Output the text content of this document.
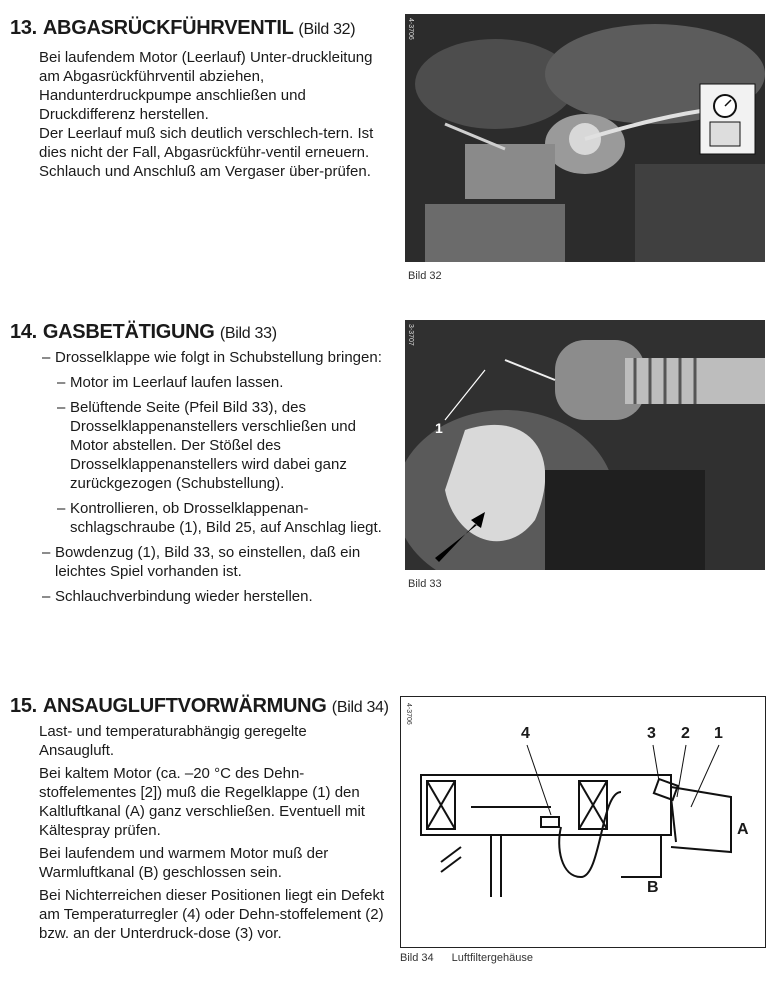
13. ABGASRÜCKFÜHRVENTIL (Bild 32)

Bei laufendem Motor (Leerlauf) Unter-druckleitung am Abgasrückführventil abziehen, Handunterdruckpumpe anschließen und Druckdifferenz herstellen.

Der Leerlauf muß sich deutlich verschlech-tern. Ist dies nicht der Fall, Abgasrückführ-ventil erneuern.

Schlauch und Anschluß am Vergaser über-prüfen.

14. GASBETÄTIGUNG (Bild 33)
– Drosselklappe wie folgt in Schubstellung bringen:
– Motor im Leerlauf laufen lassen.
– Belüftende Seite (Pfeil Bild 33), des Drosselklappenanstellers verschließen und Motor abstellen. Der Stößel des Drosselklappenanstellers wird dabei ganz zurückgezogen (Schubstellung).
– Kontrollieren, ob Drosselklappenan-schlagschraube (1), Bild 25, auf Anschlag liegt.
– Bowdenzug (1), Bild 33, so einstellen, daß ein leichtes Spiel vorhanden ist.
– Schlauchverbindung wieder herstellen.
15. ANSAUGLUFTVORWÄRMUNG (Bild 34)

Last- und temperaturabhängig geregelte Ansaugluft.

Bei kaltem Motor (ca. –20 °C des Dehn-stoffelementes [2]) muß die Regelklappe (1) den Kaltluftkanal (A) ganz verschließen. Eventuell mit Kältespray prüfen.

Bei laufendem und warmem Motor muß der Warmluftkanal (B) geschlossen sein.

Bei Nichterreichen dieser Positionen liegt ein Defekt am Temperaturregler (4) oder Dehn-stoffelement (2) bzw. an der Unterdruck-dose (3) vor.

4-3706
Bild 32
1
3-3707
Bild 33
4	3 2 1
A
B
4-3706
Bild 34 Luftfiltergehäuse
